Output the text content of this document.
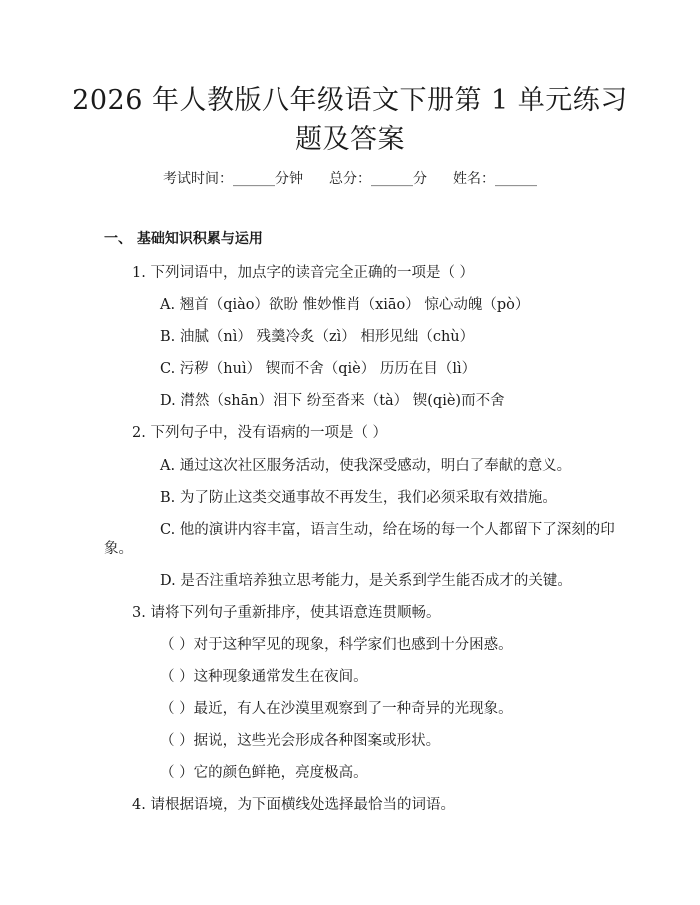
2026 年人教版八年级语文下册第 1 单元练习
题及答案
考试时间：______分钟 总分：______分 姓名：______
一、 基础知识积累与运用
1. 下列词语中，加点字的读音完全正确的一项是（ ）
A. 翘首（qiào）欲盼 惟妙惟肖（xiāo） 惊心动魄（pò）
B. 油腻（nì） 残羹冷炙（zì） 相形见绌（chù）
C. 污秽（huì） 锲而不舍（qiè） 历历在目（lì）
D. 潸然（shān）泪下 纷至沓来（tà） 锲(qiè)而不舍
2. 下列句子中，没有语病的一项是（ ）
A. 通过这次社区服务活动，使我深受感动，明白了奉献的意义。
B. 为了防止这类交通事故不再发生，我们必须采取有效措施。
C. 他的演讲内容丰富，语言生动，给在场的每一个人都留下了深刻的印
象。
D. 是否注重培养独立思考能力，是关系到学生能否成才的关键。
3. 请将下列句子重新排序，使其语意连贯顺畅。
（ ）对于这种罕见的现象，科学家们也感到十分困惑。
（ ）这种现象通常发生在夜间。
（ ）最近，有人在沙漠里观察到了一种奇异的光现象。
（ ）据说，这些光会形成各种图案或形状。
（ ）它的颜色鲜艳，亮度极高。
4. 请根据语境，为下面横线处选择最恰当的词语。
